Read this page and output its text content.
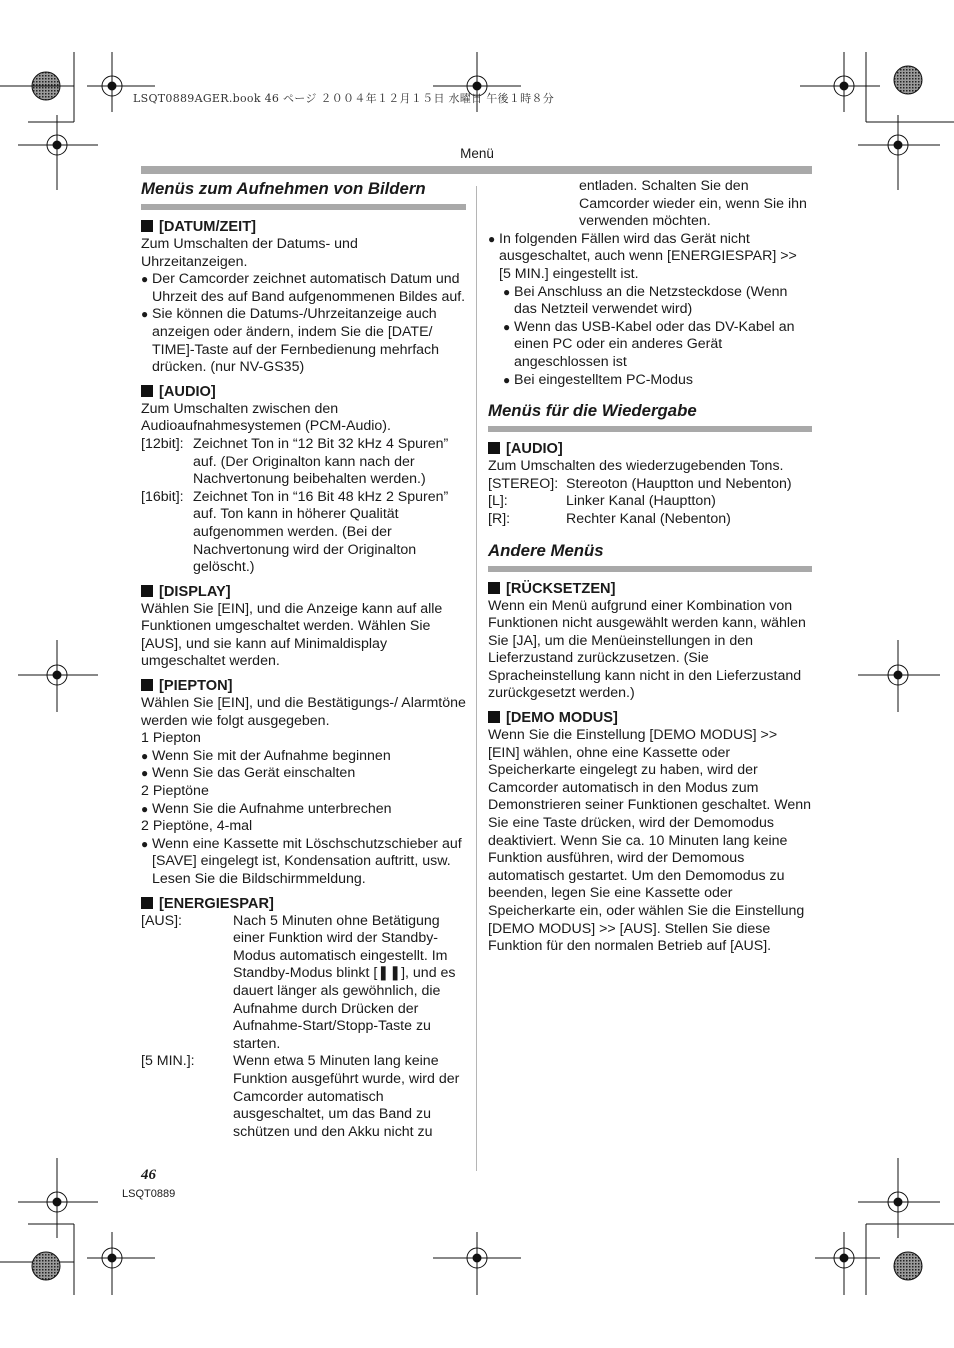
LSQT0889AGER.book 46 ページ ２００４年１２月１５日 水曜日 午後１時８分
Menü
Menüs zum Aufnehmen von Bildern
[DATUM/ZEIT]

Zum Umschalten der Datums- und Uhrzeitanzeigen.

● Der Camcorder zeichnet automatisch Datum und Uhrzeit des auf Band aufgenommenen Bildes auf.
● Sie können die Datums-/Uhrzeitanzeige auch anzeigen oder ändern, indem Sie die [DATE/ TIME]-Taste auf der Fernbedienung mehrfach drücken. (nur NV-GS35)
[AUDIO]

Zum Umschalten zwischen den Audioaufnahmesystemen (PCM-Audio).

[12bit]: Zeichnet Ton in “12 Bit 32 kHz 4 Spuren” auf. (Der Originalton kann nach der Nachvertonung beibehalten werden.)
[16bit]: Zeichnet Ton in “16 Bit 48 kHz 2 Spuren” auf. Ton kann in höherer Qualität aufgenommen werden. (Bei der Nachvertonung wird der Originalton gelöscht.)
[DISPLAY]

Wählen Sie [EIN], und die Anzeige kann auf alle Funktionen umgeschaltet werden. Wählen Sie [AUS], und sie kann auf Minimaldisplay umgeschaltet werden.

[PIEPTON]

Wählen Sie [EIN], und die Bestätigungs-/ Alarmtöne werden wie folgt ausgegeben.

1 Piepton

● Wenn Sie mit der Aufnahme beginnen
● Wenn Sie das Gerät einschalten

2 Pieptöne

● Wenn Sie die Aufnahme unterbrechen

2 Pieptöne, 4-mal

● Wenn eine Kassette mit Löschschutzschieber auf [SAVE] eingelegt ist, Kondensation auftritt, usw. Lesen Sie die Bildschirmmeldung.
[ENERGIESPAR]
[AUS]:	Nach 5 Minuten ohne Betätigung einer Funktion wird der Standby-Modus automatisch eingestellt. Im Standby-Modus blinkt [❚❚], und es dauert länger als gewöhnlich, die Aufnahme durch Drücken der Aufnahme-Start/Stopp-Taste zu starten.
[5 MIN.]:	Wenn etwa 5 Minuten lang keine Funktion ausgeführt wurde, wird der Camcorder automatisch ausgeschaltet, um das Band zu schützen und den Akku nicht zu
entladen. Schalten Sie den Camcorder wieder ein, wenn Sie ihn verwenden möchten.
● In folgenden Fällen wird das Gerät nicht ausgeschaltet, auch wenn [ENERGIESPAR] >> [5 MIN.] eingestellt ist.
● Bei Anschluss an die Netzsteckdose (Wenn das Netzteil verwendet wird)
● Wenn das USB-Kabel oder das DV-Kabel an einen PC oder ein anderes Gerät angeschlossen ist
● Bei eingestelltem PC-Modus
Menüs für die Wiedergabe
[AUDIO]

Zum Umschalten des wiederzugebenden Tons.

[STEREO]: Stereoton (Hauptton und Nebenton)
[L]:	Linker Kanal (Hauptton)
[R]:	Rechter Kanal (Nebenton)
Andere Menüs
[RÜCKSETZEN]

Wenn ein Menü aufgrund einer Kombination von Funktionen nicht ausgewählt werden kann, wählen Sie [JA], um die Menüeinstellungen in den Lieferzustand zurückzusetzen. (Sie Spracheinstellung kann nicht in den Lieferzustand zurückgesetzt werden.)

[DEMO MODUS]

Wenn Sie die Einstellung [DEMO MODUS] >> [EIN] wählen, ohne eine Kassette oder Speicherkarte eingelegt zu haben, wird der Camcorder automatisch in den Modus zum Demonstrieren seiner Funktionen geschaltet. Wenn Sie eine Taste drücken, wird der Demomodus deaktiviert. Wenn Sie ca. 10 Minuten lang keine Funktion ausführen, wird der Demomous automatisch gestartet. Um den Demomodus zu beenden, legen Sie eine Kassette oder Speicherkarte ein, oder wählen Sie die Einstellung [DEMO MODUS] >> [AUS]. Stellen Sie diese Funktion für den normalen Betrieb auf [AUS].

46
LSQT0889
